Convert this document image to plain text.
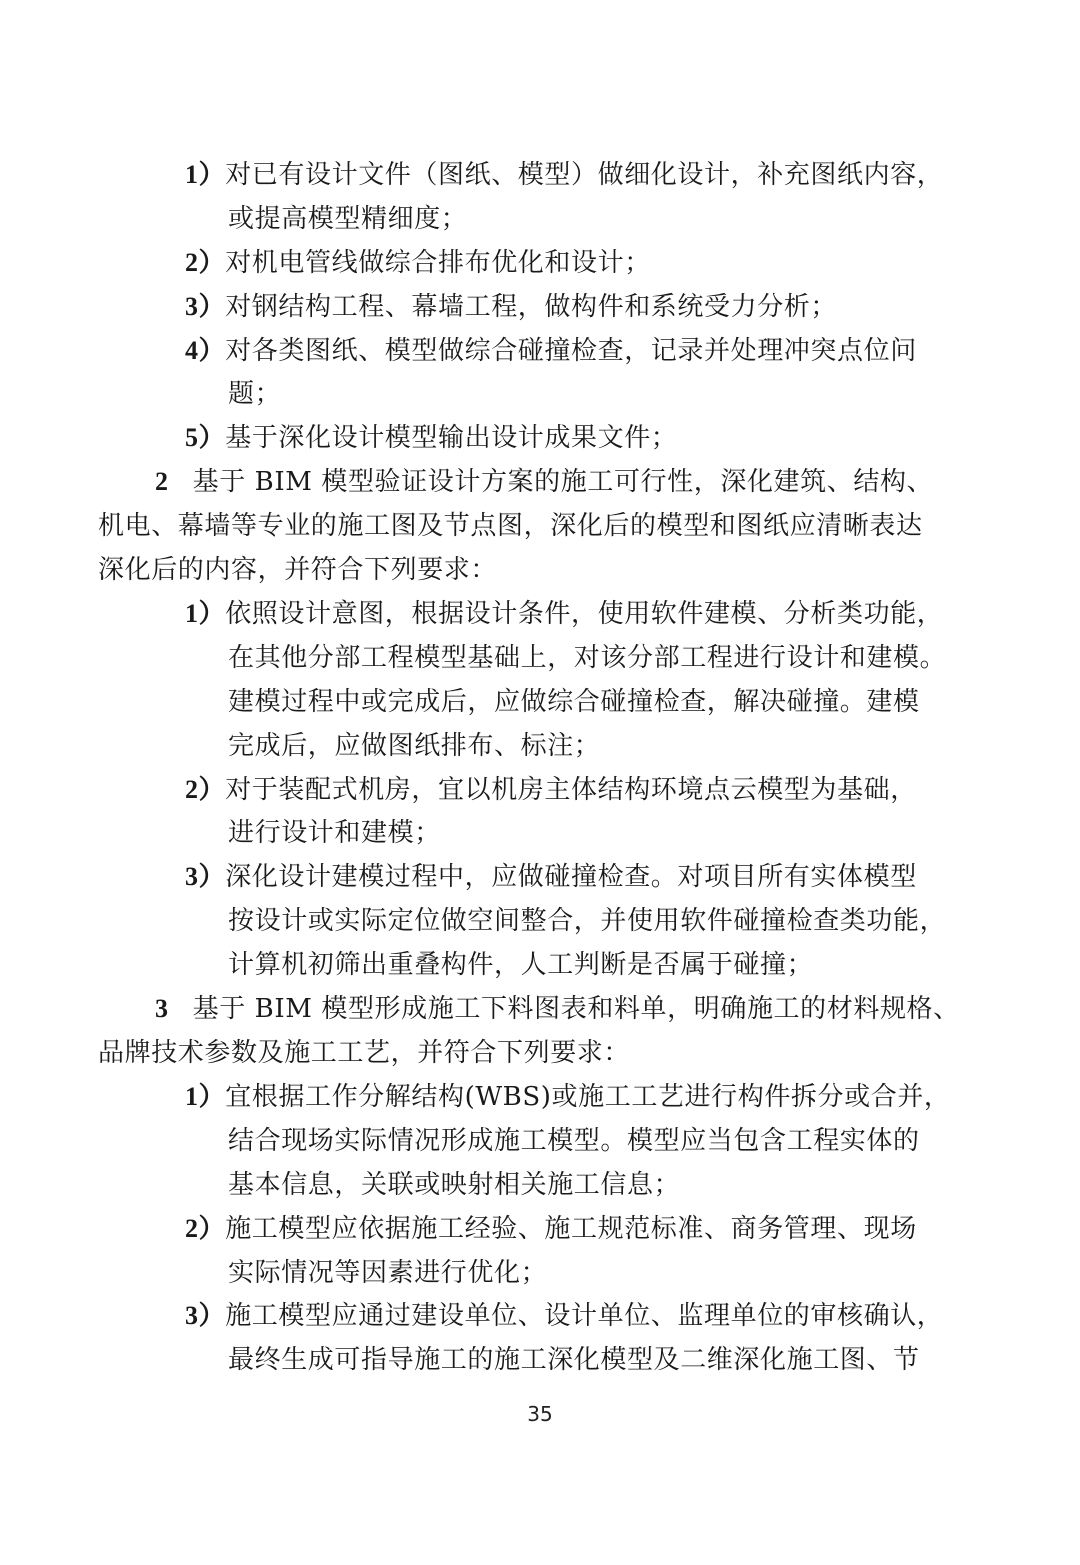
1）对已有设计文件（图纸、模型）做细化设计，补充图纸内容，
或提高模型精细度；
2）对机电管线做综合排布优化和设计；
3）对钢结构工程、幕墙工程，做构件和系统受力分析；
4）对各类图纸、模型做综合碰撞检查，记录并处理冲突点位问
题；
5）基于深化设计模型输出设计成果文件；
2 基于 BIM 模型验证设计方案的施工可行性，深化建筑、结构、
机电、幕墙等专业的施工图及节点图，深化后的模型和图纸应清晰表达
深化后的内容，并符合下列要求：
1）依照设计意图，根据设计条件，使用软件建模、分析类功能，
在其他分部工程模型基础上，对该分部工程进行设计和建模。
建模过程中或完成后，应做综合碰撞检查，解决碰撞。建模
完成后，应做图纸排布、标注；
2）对于装配式机房，宜以机房主体结构环境点云模型为基础，
进行设计和建模；
3）深化设计建模过程中，应做碰撞检查。对项目所有实体模型
按设计或实际定位做空间整合，并使用软件碰撞检查类功能，
计算机初筛出重叠构件，人工判断是否属于碰撞；
3 基于 BIM 模型形成施工下料图表和料单，明确施工的材料规格、
品牌技术参数及施工工艺，并符合下列要求：
1）宜根据工作分解结构(WBS)或施工工艺进行构件拆分或合并，
结合现场实际情况形成施工模型。模型应当包含工程实体的
基本信息，关联或映射相关施工信息；
2）施工模型应依据施工经验、施工规范标准、商务管理、现场
实际情况等因素进行优化；
3）施工模型应通过建设单位、设计单位、监理单位的审核确认，
最终生成可指导施工的施工深化模型及二维深化施工图、节
35
